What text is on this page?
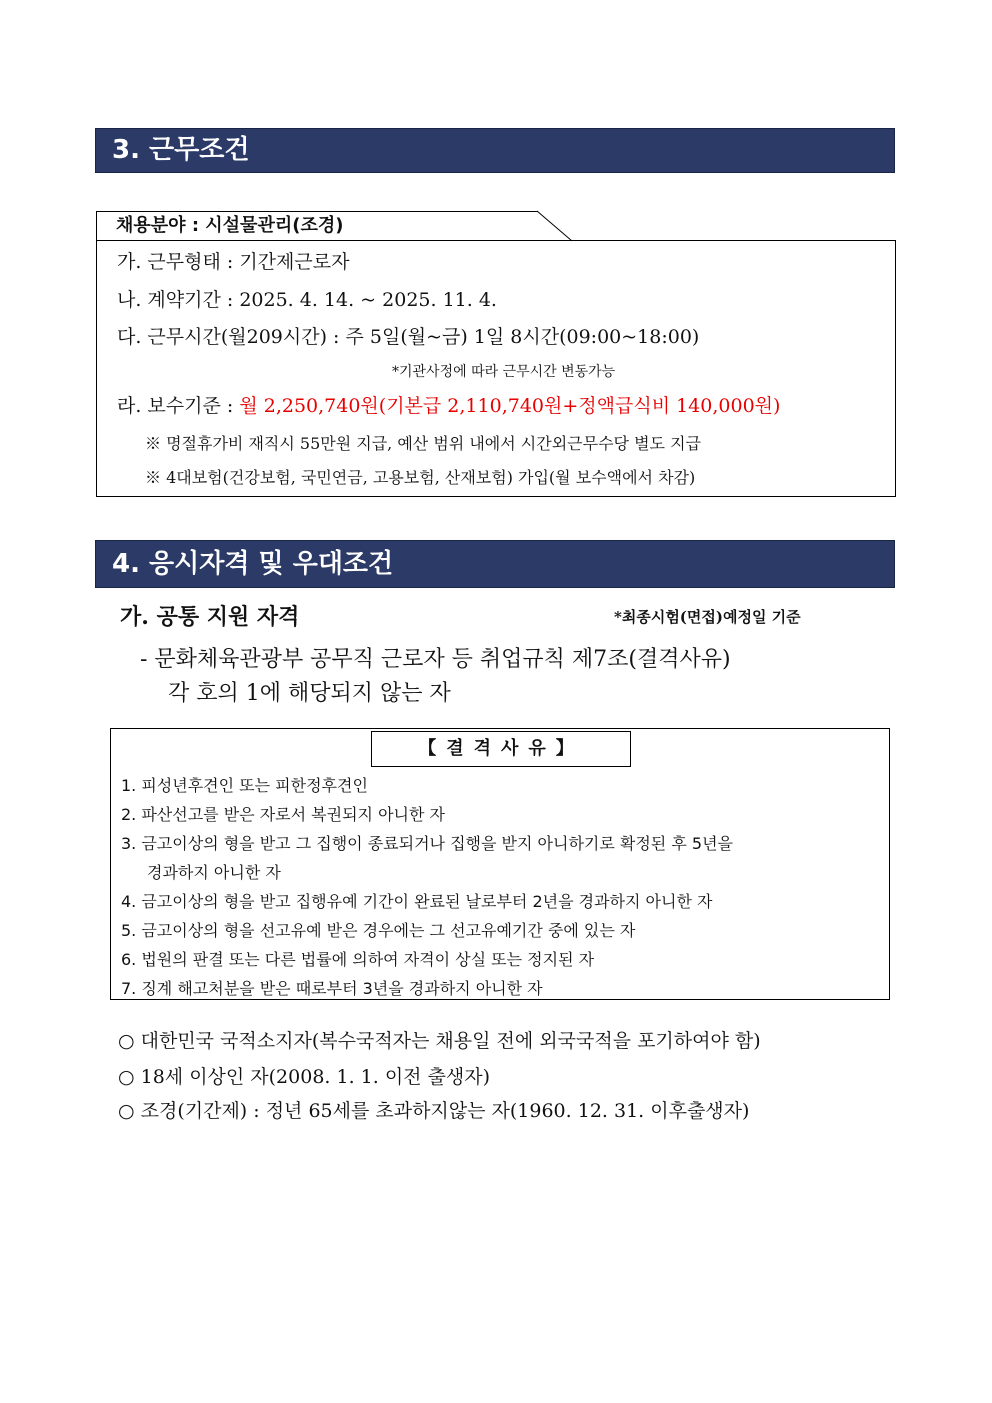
3. 근무조건
채용분야 : 시설물관리(조경)
가. 근무형태 : 기간제근로자
나. 계약기간 : 2025. 4. 14. ~ 2025. 11. 4.
다. 근무시간(월209시간) : 주 5일(월~금) 1일 8시간(09:00~18:00)
*기관사정에 따라 근무시간 변동가능
라. 보수기준 : 월 2,250,740원(기본급 2,110,740원+정액급식비 140,000원)
※ 명절휴가비 재직시 55만원 지급, 예산 범위 내에서 시간외근무수당 별도 지급
※ 4대보험(건강보험, 국민연금, 고용보험, 산재보험) 가입(월 보수액에서 차감)
4. 응시자격 및 우대조건
가. 공통 지원 자격	*최종시험(면접)예정일 기준
- 문화체육관광부 공무직 근로자 등 취업규칙 제7조(결격사유)
각 호의 1에 해당되지 않는 자
【결격사유】
1. 피성년후견인 또는 피한정후견인
2. 파산선고를 받은 자로서 복권되지 아니한 자
3. 금고이상의 형을 받고 그 집행이 종료되거나 집행을 받지 아니하기로 확정된 후 5년을
경과하지 아니한 자
4. 금고이상의 형을 받고 집행유예 기간이 완료된 날로부터 2년을 경과하지 아니한 자
5. 금고이상의 형을 선고유예 받은 경우에는 그 선고유예기간 중에 있는 자
6. 법원의 판결 또는 다른 법률에 의하여 자격이 상실 또는 정지된 자
7. 징계 해고처분을 받은 때로부터 3년을 경과하지 아니한 자
○ 대한민국 국적소지자(복수국적자는 채용일 전에 외국국적을 포기하여야 함)
○ 18세 이상인 자(2008. 1. 1. 이전 출생자)
○ 조경(기간제) : 정년 65세를 초과하지않는 자(1960. 12. 31. 이후출생자)
